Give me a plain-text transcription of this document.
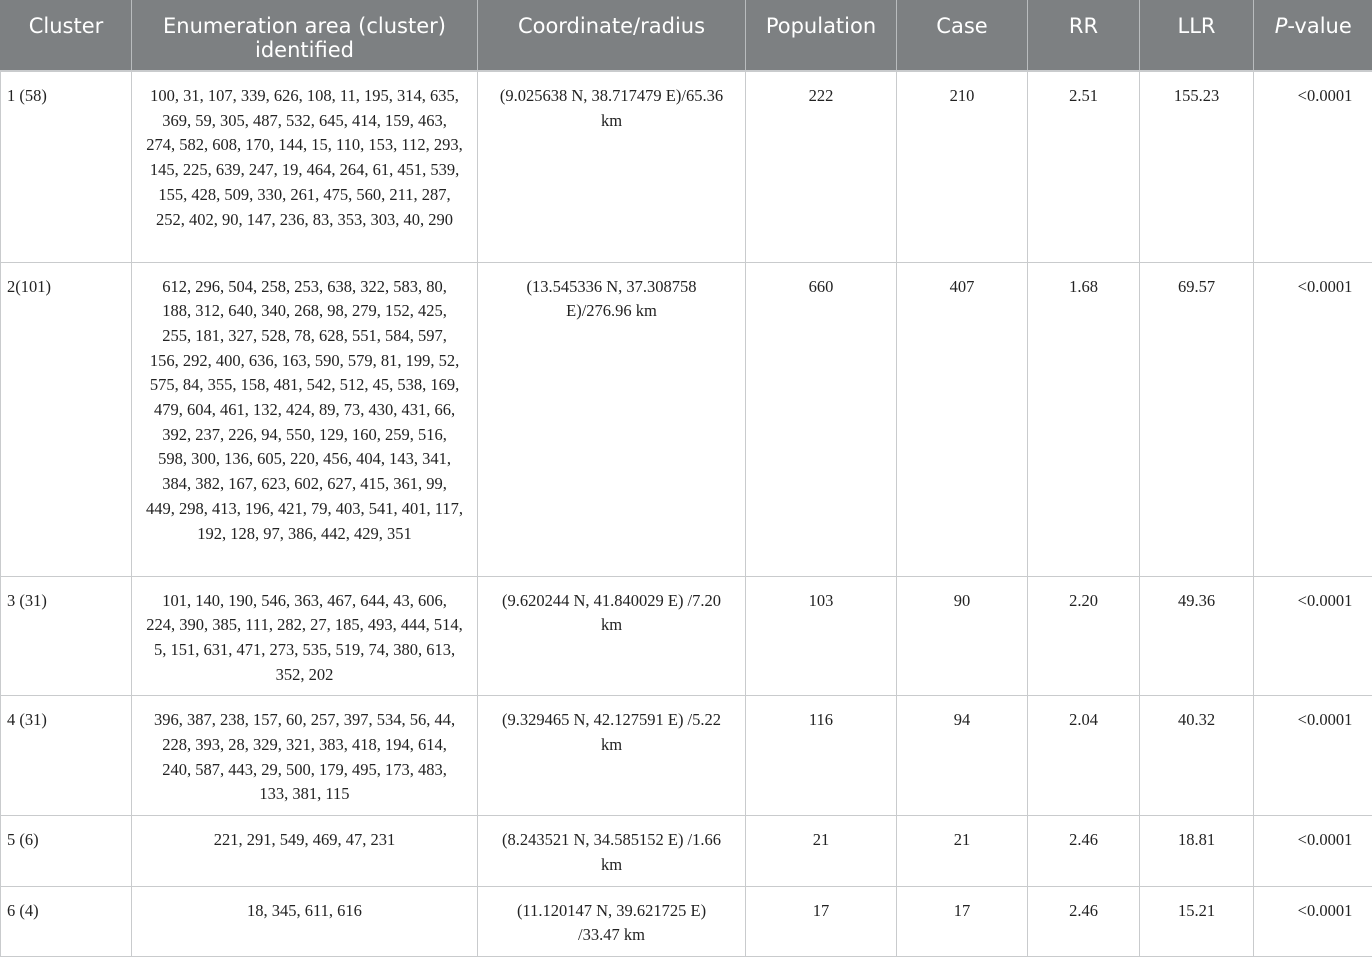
Cluster	Enumeration area (cluster) identified	Coordinate/radius	Population	Case	RR	LLR	P-value
1 (58)	100, 31, 107, 339, 626, 108, 11, 195, 314, 635, 369, 59, 305, 487, 532, 645, 414, 159, 463, 274, 582, 608, 170, 144, 15, 110, 153, 112, 293, 145, 225, 639, 247, 19, 464, 264, 61, 451, 539, 155, 428, 509, 330, 261, 475, 560, 211, 287, 252, 402, 90, 147, 236, 83, 353, 303, 40, 290	(9.025638 N, 38.717479 E)/65.36 km	222	210	2.51	155.23	<0.0001
2(101)	612, 296, 504, 258, 253, 638, 322, 583, 80, 188, 312, 640, 340, 268, 98, 279, 152, 425, 255, 181, 327, 528, 78, 628, 551, 584, 597, 156, 292, 400, 636, 163, 590, 579, 81, 199, 52, 575, 84, 355, 158, 481, 542, 512, 45, 538, 169, 479, 604, 461, 132, 424, 89, 73, 430, 431, 66, 392, 237, 226, 94, 550, 129, 160, 259, 516, 598, 300, 136, 605, 220, 456, 404, 143, 341, 384, 382, 167, 623, 602, 627, 415, 361, 99, 449, 298, 413, 196, 421, 79, 403, 541, 401, 117, 192, 128, 97, 386, 442, 429, 351	(13.545336 N, 37.308758 E)/276.96 km	660	407	1.68	69.57	<0.0001
3 (31)	101, 140, 190, 546, 363, 467, 644, 43, 606, 224, 390, 385, 111, 282, 27, 185, 493, 444, 514, 5, 151, 631, 471, 273, 535, 519, 74, 380, 613, 352, 202	(9.620244 N, 41.840029 E) /7.20 km	103	90	2.20	49.36	<0.0001
4 (31)	396, 387, 238, 157, 60, 257, 397, 534, 56, 44, 228, 393, 28, 329, 321, 383, 418, 194, 614, 240, 587, 443, 29, 500, 179, 495, 173, 483, 133, 381, 115	(9.329465 N, 42.127591 E) /5.22 km	116	94	2.04	40.32	<0.0001
5 (6)	221, 291, 549, 469, 47, 231	(8.243521 N, 34.585152 E) /1.66 km	21	21	2.46	18.81	<0.0001
6 (4)	18, 345, 611, 616	(11.120147 N, 39.621725 E) /33.47 km	17	17	2.46	15.21	<0.0001
